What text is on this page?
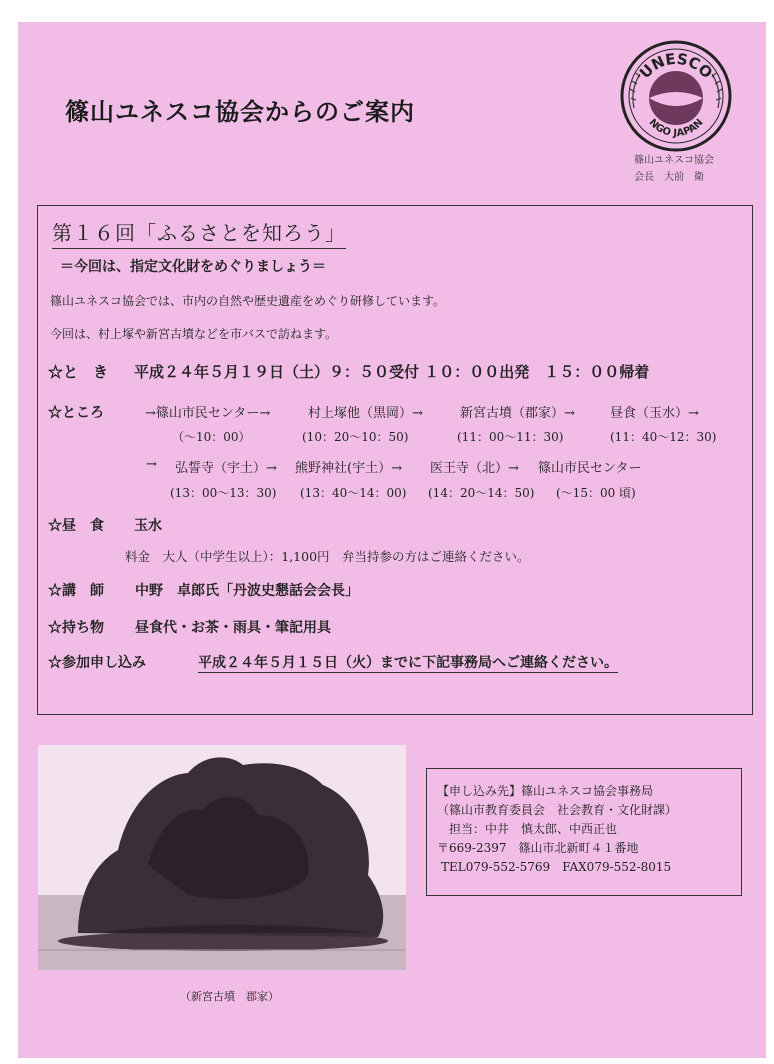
篠山ユネスコ協会からのご案内
UNESCO
NGO JAPAN
篠山ユネスコ協会
会長　大前　衛
第１６回「ふるさとを知ろう」
＝今回は、指定文化財をめぐりましょう＝
篠山ユネスコ協会では、市内の自然や歴史遺産をめぐり研修しています。
今回は、村上塚や新宮古墳などを市バスで訪ねます。
☆と　き 平成２４年５月１９日（土）９：５０受付 １０：００出発　１５：００帰着
☆ところ	→篠山市民センター→	村上塚他（黒岡）→	新宮古墳（郡家）→	昼食（玉水）→
（～10：00）	(10：20～10：50)	(11：00～11：30)	(11：40～12：30)
→ 弘誓寺（宇土）→ 熊野神社(宇土）→ 医王寺（北）→ 篠山市民センター
(13：00～13：30) (13：40～14：00) (14：20～14：50) (～15：00 頃)
☆昼　食 玉水
料金　大人（中学生以上）：1,100円　弁当持参の方はご連絡ください。
☆講　師 中野　卓郎氏「丹波史懇話会会長」
☆持ち物 昼食代・お茶・雨具・筆記用具
☆参加申し込み	平成２４年５月１５日（火）までに下記事務局へご連絡ください。
（新宮古墳　郡家）
【申し込み先】篠山ユネスコ協会事務局
（篠山市教育委員会　社会教育・文化財課）
担当：中井　慎太郎、中西正也
〒669-2397　篠山市北新町４１番地
TEL079-552-5769　FAX079-552-8015
